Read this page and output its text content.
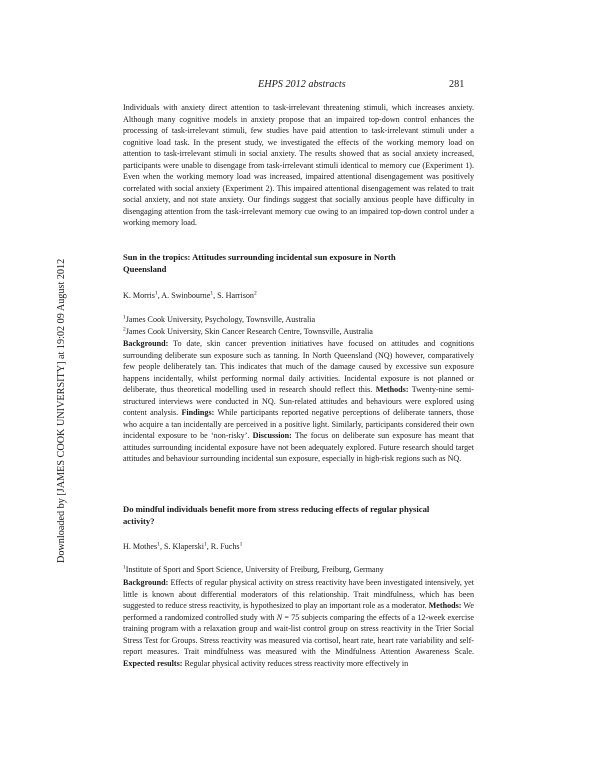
EHPS 2012 abstracts	281
Downloaded by [JAMES COOK UNIVERSITY] at 19:02 09 August 2012

Individuals with anxiety direct attention to task-irrelevant threatening stimuli, which increases anxiety. Although many cognitive models in anxiety propose that an impaired top-down control enhances the processing of task-irrelevant stimuli, few studies have paid attention to task-irrelevant stimuli under a cognitive load task. In the present study, we investigated the effects of the working memory load on attention to task-irrelevant stimuli in social anxiety. The results showed that as social anxiety increased, participants were unable to disengage from task-irrelevant stimuli identical to memory cue (Experiment 1). Even when the working memory load was increased, impaired attentional disengagement was positively correlated with social anxiety (Experiment 2). This impaired attentional disengagement was related to trait social anxiety, and not state anxiety. Our findings suggest that socially anxious people have difficulty in disengaging attention from the task-irrelevant memory cue owing to an impaired top-down control under a working memory load.

Sun in the tropics: Attitudes surrounding incidental sun exposure in North Queensland
K. Morris$^1$, A. Swinbourne$^1$, S. Harrison$^2$
$^1$James Cook University, Psychology, Townsville, Australia
$^2$James Cook University, Skin Cancer Research Centre, Townsville, Australia

Background: To date, skin cancer prevention initiatives have focused on attitudes and cognitions surrounding deliberate sun exposure such as tanning. In North Queensland (NQ) however, comparatively few people deliberately tan. This indicates that much of the damage caused by excessive sun exposure happens incidentally, whilst performing normal daily activities. Incidental exposure is not planned or deliberate, thus theoretical modelling used in research should reflect this. Methods: Twenty-nine semi-structured interviews were conducted in NQ. Sun-related attitudes and behaviours were explored using content analysis. Findings: While participants reported negative perceptions of deliberate tanners, those who acquire a tan incidentally are perceived in a positive light. Similarly, participants considered their own incidental exposure to be ‘non-risky’. Discussion: The focus on deliberate sun exposure has meant that attitudes surrounding incidental exposure have not been adequately explored. Future research should target attitudes and behaviour surrounding incidental sun exposure, especially in high-risk regions such as NQ.

Do mindful individuals benefit more from stress reducing effects of regular physical activity?
H. Mothes$^1$, S. Klaperski$^1$, R. Fuchs$^1$
$^1$Institute of Sport and Sport Science, University of Freiburg, Freiburg, Germany

Background: Effects of regular physical activity on stress reactivity have been investigated intensively, yet little is known about differential moderators of this relationship. Trait mindfulness, which has been suggested to reduce stress reactivity, is hypothesized to play an important role as a moderator. Methods: We performed a randomized controlled study with N = 75 subjects comparing the effects of a 12-week exercise training program with a relaxation group and wait-list control group on stress reactivity in the Trier Social Stress Test for Groups. Stress reactivity was measured via cortisol, heart rate, heart rate variability and self-report measures. Trait mindfulness was measured with the Mindfulness Attention Awareness Scale. Expected results: Regular physical activity reduces stress reactivity more effectively in
